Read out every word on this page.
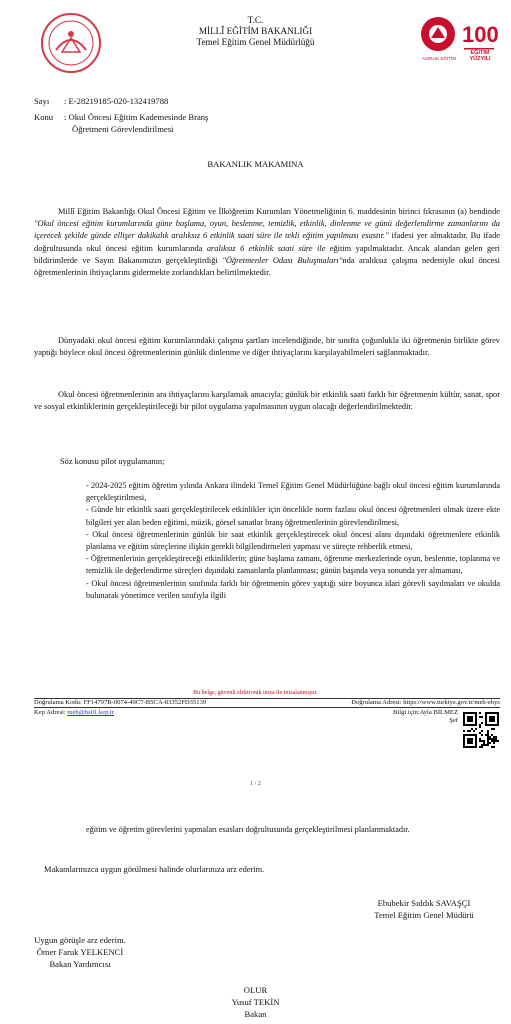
T.C.
MİLLÎ EĞİTİM BAKANLIĞI
Temel Eğitim Genel Müdürlüğü	100
ASIRLIK EĞİTİM
EĞİTİM YÜZYILI
Sayı : E-28219185-020-132419788
Konu : Okul Öncesi Eğitim Kademesinde Branş
Öğretmeni Görevlendirilmesi
BAKANLIK MAKAMINA
Millî Eğitim Bakanlığı Okul Öncesi Eğitim ve İlköğretim Kurumları Yönetmeliğinin 6. maddesinin birinci fıkrasının (a) bendinde "Okul öncesi eğitim kurumlarında güne başlama, oyun, beslenme, temizlik, etkinlik, dinlenme ve günü değerlendirme zamanlarını da içerecek şekilde günde ellişer dakikalık aralıksız 6 etkinlik saati süre ile tekli eğitim yapılması esastır." ifadesi yer almaktadır. Bu ifade doğrultusunda okul öncesi eğitim kurumlarında aralıksız 6 etkinlik saati süre ile eğitim yapılmaktadır. Ancak alandan gelen geri bildirimlerde ve Sayın Bakanımızın gerçekleştirdiği "Öğretmenler Odası Buluşmaları"nda aralıksız çalışma nedeniyle okul öncesi öğretmenlerinin ihtiyaçlarını gidermekte zorlandıkları belirtilmektedir.
Dünyadaki okul öncesi eğitim kurumlarındaki çalışma şartları incelendiğinde, bir sınıfta çoğunlukla iki öğretmenin birlikte görev yaptığı böylece okul öncesi öğretmenlerinin günlük dinlenme ve diğer ihtiyaçlarını karşılayabilmeleri sağlanmaktadır.
Okul öncesi öğretmenlerinin ara ihtiyaçlarını karşılamak amacıyla; günlük bir etkinlik saati farklı bir öğretmenin kültür, sanat, spor ve sosyal etkinliklerinin gerçekleştirileceği bir pilot uygulama yapılmasının uygun olacağı değerlendirilmektedir.
Söz konusu pilot uygulamanın;

- 2024-2025 eğitim öğretim yılında Ankara ilindeki Temel Eğitim Genel Müdürlüğüne bağlı okul öncesi eğitim kurumlarında gerçekleştirilmesi,

- Günde bir etkinlik saati gerçekleştirilecek etkinlikler için öncelikle norm fazlası okul öncesi öğretmenleri olmak üzere ekte bilgileri yer alan beden eğitimi, müzik, görsel sanatlar branş öğretmenlerinin görevlendirilmesi,

- Okul öncesi öğretmenlerinin günlük bir saat etkinlik gerçekleştirecek okul öncesi alanı dışındaki öğretmenlere etkinlik planlama ve eğitim süreçlerine ilişkin gerekli bilgilendirmeleri yapması ve süreçte rehberlik etmesi,

- Öğretmenlerinin gerçekleştireceği etkinliklerin; güne başlama zamanı, öğrenme merkezlerinde oyun, beslenme, toplanma ve temizlik ile değerlendirme süreçleri dışındaki zamanlarda planlanması; günün başında veya sonunda yer almaması,

- Okul öncesi öğretmenlerinin sınıfında farklı bir öğretmenin görev yaptığı süre boyunca idari görevli sayılmaları ve okulda bulunarak yönetimce verilen sınıfıyla ilgili

Bu belge, güvenli elektronik imza ile imzalanmıştır.
Doğrulama Kodu: FF14797B-0074-49C7-B5CA-83352FD35139	Doğrulama Adresi: https://www.turkiye.gov.tr/meb-ebys
Kep Adresi: meb@hs01.kep.tr	Bilgi için:Ayla BİLMEZ
Şef
1 / 2
eğitim ve öğretim görevlerini yapmaları esasları doğrultusunda gerçekleştirilmesi planlanmaktadır.
Makamlarınızca uygun görülmesi halinde olurlarınıza arz ederim.
Ebubekir Sıddık SAVAŞÇI
Temel Eğitim Genel Müdürü
Uygun görüşle arz ederim.
Ömer Faruk YELKENCİ
Bakan Yardımcısı
OLUR
Yusuf TEKİN
Bakan
